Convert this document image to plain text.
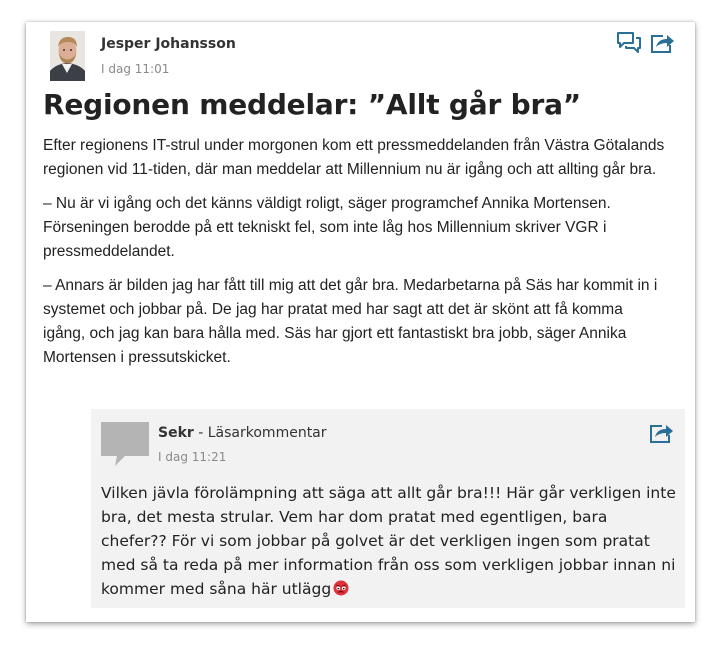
Jesper Johansson
I dag 11:01
Regionen meddelar: ”Allt går bra”

Efter regionens IT-strul under morgonen kom ett pressmeddelanden från Västra Götalands regionen vid 11-tiden, där man meddelar att Millennium nu är igång och att allting går bra.

– Nu är vi igång och det känns väldigt roligt, säger programchef Annika Mortensen. Förseningen berodde på ett tekniskt fel, som inte låg hos Millennium skriver VGR i pressmeddelandet.

– Annars är bilden jag har fått till mig att det går bra. Medarbetarna på Säs har kommit in i systemet och jobbar på. De jag har pratat med har sagt att det är skönt att få komma igång, och jag kan bara hålla med. Säs har gjort ett fantastiskt bra jobb, säger Annika Mortensen i pressutskicket.

Sekr - Läsarkommentar
I dag 11:21
Vilken jävla förolämpning att säga att allt går bra!!! Här går verkligen inte bra, det mesta strular. Vem har dom pratat med egentligen, bara chefer?? För vi som jobbar på golvet är det verkligen ingen som pratat med så ta reda på mer information från oss som verkligen jobbar innan ni kommer med såna här utlägg
